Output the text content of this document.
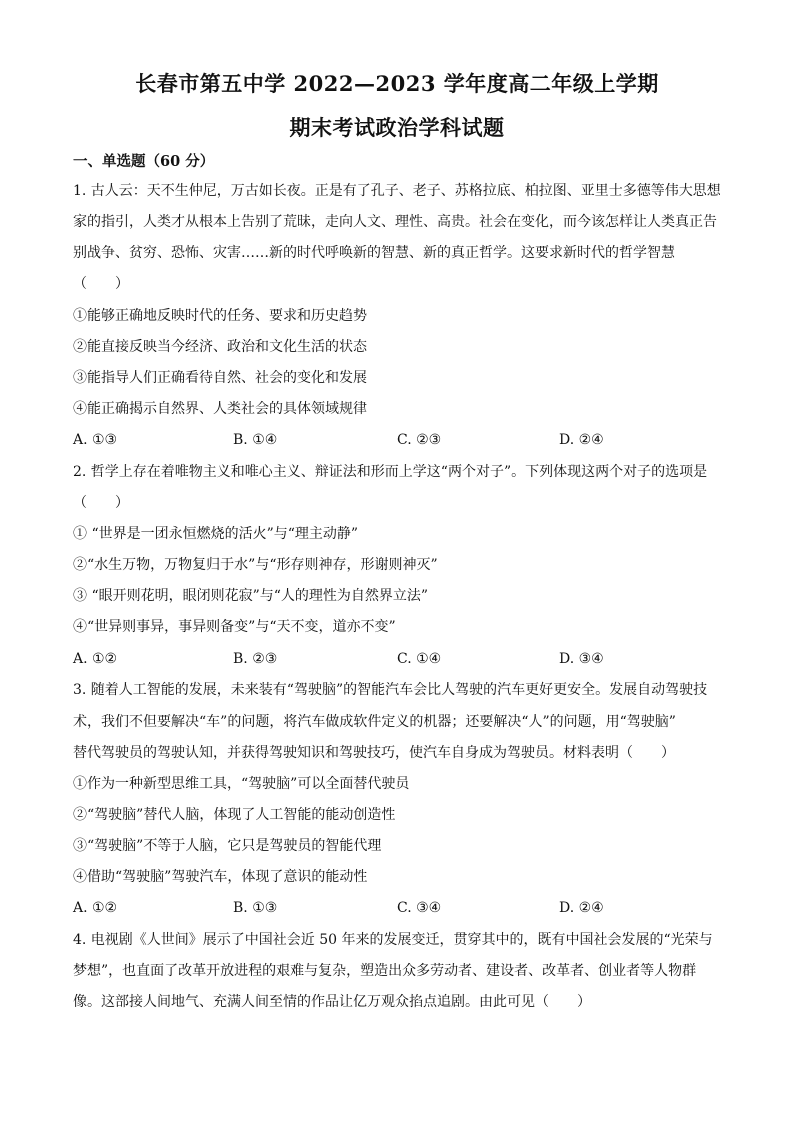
长春市第五中学 2022—2023 学年度高二年级上学期
期末考试政治学科试题
一、单选题（60 分）
1. 古人云：天不生仲尼，万古如长夜。正是有了孔子、老子、苏格拉底、柏拉图、亚里士多德等伟大思想
家的指引，人类才从根本上告别了荒昧，走向人文、理性、高贵。社会在变化，而今该怎样让人类真正告
别战争、贫穷、恐怖、灾害……新的时代呼唤新的智慧、新的真正哲学。这要求新时代的哲学智慧
（　　）
①能够正确地反映时代的任务、要求和历史趋势
②能直接反映当今经济、政治和文化生活的状态
③能指导人们正确看待自然、社会的变化和发展
④能正确揭示自然界、人类社会的具体领域规律
A. ①③	B. ①④	C. ②③	D. ②④
2. 哲学上存在着唯物主义和唯心主义、辩证法和形而上学这“两个对子”。下列体现这两个对子的选项是
（　　）
① “世界是一团永恒燃烧的活火”与“理主动静”
②“水生万物，万物复归于水”与“形存则神存，形谢则神灭”
③ “眼开则花明，眼闭则花寂”与“人的理性为自然界立法”
④“世异则事异，事异则备变”与“天不变，道亦不变”
A. ①②	B. ②③	C. ①④	D. ③④
3. 随着人工智能的发展，未来装有“驾驶脑”的智能汽车会比人驾驶的汽车更好更安全。发展自动驾驶技
术，我们不但要解决“车”的问题，将汽车做成软件定义的机器；还要解决“人”的问题，用“驾驶脑”
替代驾驶员的驾驶认知，并获得驾驶知识和驾驶技巧，使汽车自身成为驾驶员。材料表明（　　）
①作为一种新型思维工具，“驾驶脑”可以全面替代驶员
②“驾驶脑”替代人脑，体现了人工智能的能动创造性
③“驾驶脑”不等于人脑，它只是驾驶员的智能代理
④借助“驾驶脑”驾驶汽车，体现了意识的能动性
A. ①②	B. ①③	C. ③④	D. ②④
4. 电视剧《人世间》展示了中国社会近 50 年来的发展变迁，贯穿其中的，既有中国社会发展的“光荣与
梦想”，也直面了改革开放进程的艰难与复杂，塑造出众多劳动者、建设者、改革者、创业者等人物群
像。这部接人间地气、充满人间至情的作品让亿万观众掐点追剧。由此可见（　　）
